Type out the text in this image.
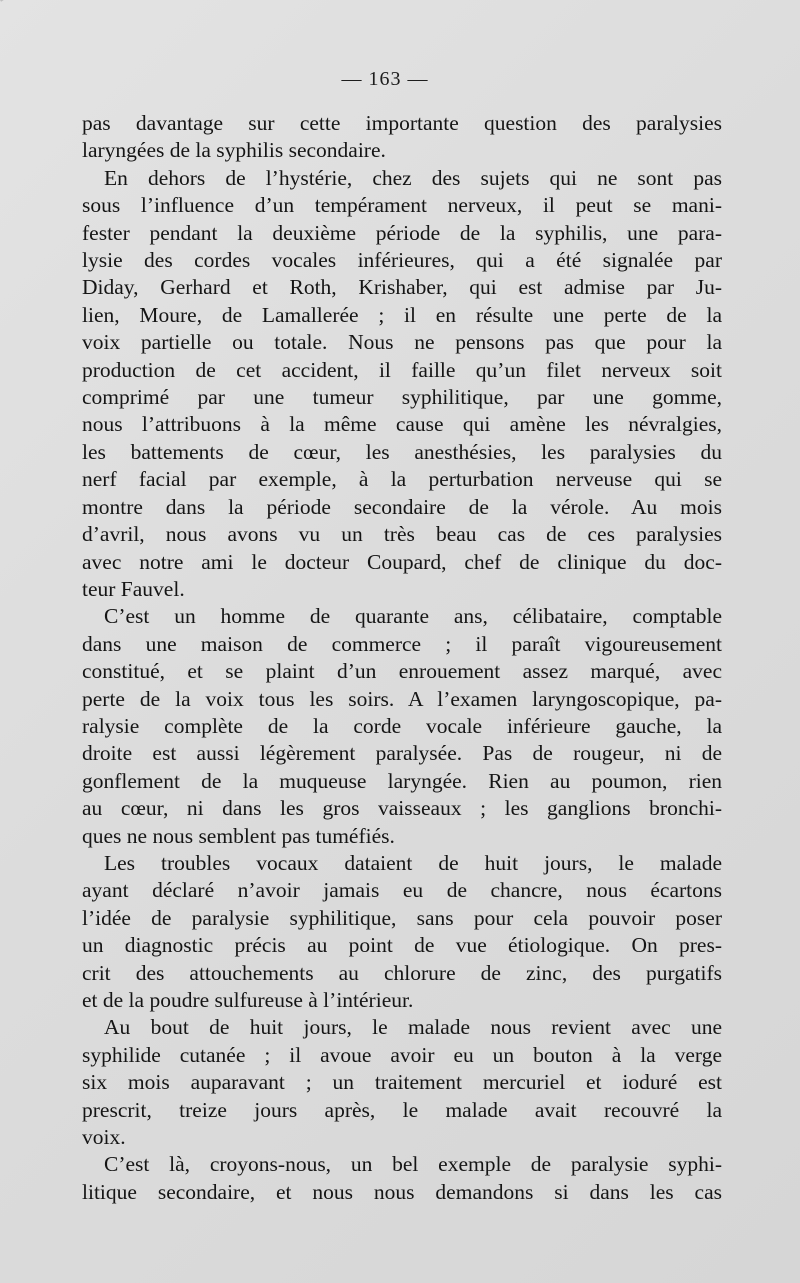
— 163 —

pas davantage sur cette importante question des paralysies
laryngées de la syphilis secondaire.

En dehors de l’hystérie, chez des sujets qui ne sont pas
sous l’influence d’un tempérament nerveux, il peut se mani-
fester pendant la deuxième période de la syphilis, une para-
lysie des cordes vocales inférieures, qui a été signalée par
Diday, Gerhard et Roth, Krishaber, qui est admise par Ju-
lien, Moure, de Lamallerée ; il en résulte une perte de la
voix partielle ou totale. Nous ne pensons pas que pour la
production de cet accident, il faille qu’un filet nerveux soit
comprimé par une tumeur syphilitique, par une gomme,
nous l’attribuons à la même cause qui amène les névralgies,
les battements de cœur, les anesthésies, les paralysies du
nerf facial par exemple, à la perturbation nerveuse qui se
montre dans la période secondaire de la vérole. Au mois
d’avril, nous avons vu un très beau cas de ces paralysies
avec notre ami le docteur Coupard, chef de clinique du doc-
teur Fauvel.

C’est un homme de quarante ans, célibataire, comptable
dans une maison de commerce ; il paraît vigoureusement
constitué, et se plaint d’un enrouement assez marqué, avec
perte de la voix tous les soirs. A l’examen laryngoscopique, pa-
ralysie complète de la corde vocale inférieure gauche, la
droite est aussi légèrement paralysée. Pas de rougeur, ni de
gonflement de la muqueuse laryngée. Rien au poumon, rien
au cœur, ni dans les gros vaisseaux ; les ganglions bronchi-
ques ne nous semblent pas tuméfiés.

Les troubles vocaux dataient de huit jours, le malade
ayant déclaré n’avoir jamais eu de chancre, nous écartons
l’idée de paralysie syphilitique, sans pour cela pouvoir poser
un diagnostic précis au point de vue étiologique. On pres-
crit des attouchements au chlorure de zinc, des purgatifs
et de la poudre sulfureuse à l’intérieur.

Au bout de huit jours, le malade nous revient avec une
syphilide cutanée ; il avoue avoir eu un bouton à la verge
six mois auparavant ; un traitement mercuriel et ioduré est
prescrit, treize jours après, le malade avait recouvré la
voix.

C’est là, croyons-nous, un bel exemple de paralysie syphi-
litique secondaire, et nous nous demandons si dans les cas
